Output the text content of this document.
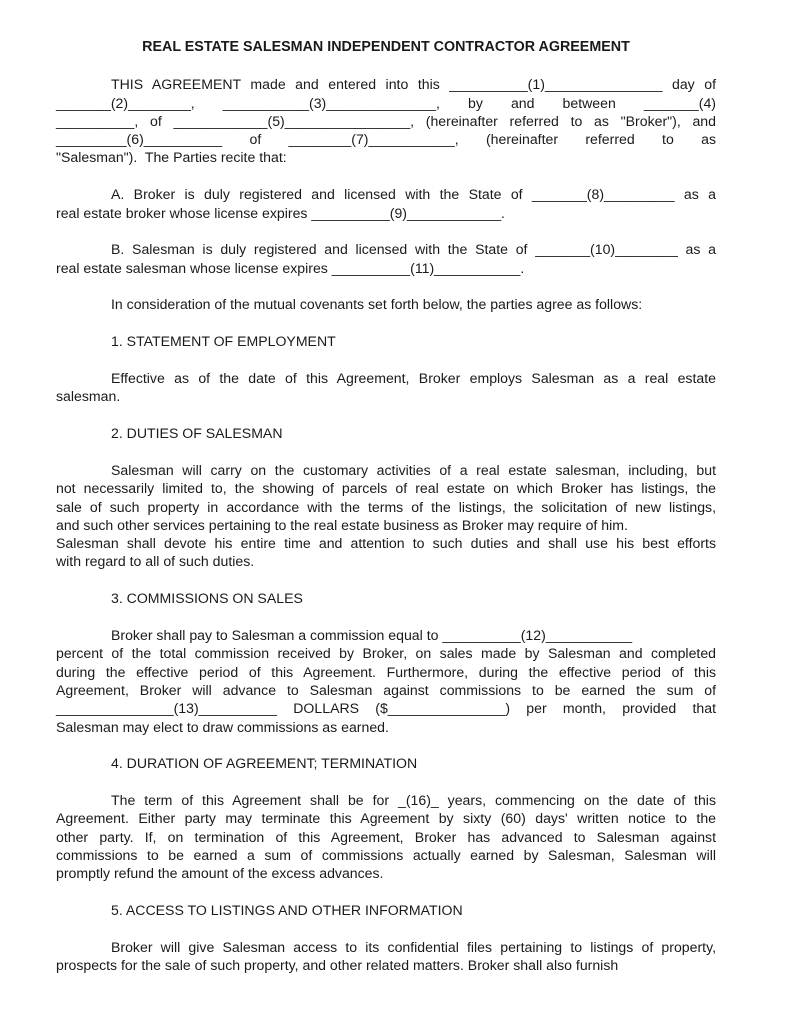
REAL ESTATE SALESMAN INDEPENDENT CONTRACTOR AGREEMENT

THIS AGREEMENT made and entered into this __________(1)_______________ day of
_______(2)________, ___________(3)______________, by and between _______(4)
__________, of ____________(5)________________, (hereinafter referred to as "Broker"), and
_________(6)__________ of ________(7)___________, (hereinafter referred to as
"Salesman").  The Parties recite that:

A. Broker is duly registered and licensed with the State of _______(8)_________ as a
real estate broker whose license expires __________(9)____________.

B. Salesman is duly registered and licensed with the State of _______(10)________ as a
real estate salesman whose license expires __________(11)___________.

In consideration of the mutual covenants set forth below, the parties agree as follows:

1. STATEMENT OF EMPLOYMENT

Effective as of the date of this Agreement, Broker employs Salesman as a real estate
salesman.

2. DUTIES OF SALESMAN

Salesman will carry on the customary activities of a real estate salesman, including, but
not necessarily limited to, the showing of parcels of real estate on which Broker has listings, the
sale of such property in accordance with the terms of the listings, the solicitation of new listings,
and such other services pertaining to the real estate business as Broker may require of him.
Salesman shall devote his entire time and attention to such duties and shall use his best efforts
with regard to all of such duties.

3. COMMISSIONS ON SALES

Broker shall pay to Salesman a commission equal to __________(12)___________
percent of the total commission received by Broker, on sales made by Salesman and completed
during the effective period of this Agreement. Furthermore, during the effective period of this
Agreement, Broker will advance to Salesman against commissions to be earned the sum of
_______________(13)__________ DOLLARS ($_______________) per month, provided that
Salesman may elect to draw commissions as earned.

4. DURATION OF AGREEMENT; TERMINATION

The term of this Agreement shall be for _(16)_ years, commencing on the date of this
Agreement. Either party may terminate this Agreement by sixty (60) days' written notice to the
other party. If, on termination of this Agreement, Broker has advanced to Salesman against
commissions to be earned a sum of commissions actually earned by Salesman, Salesman will
promptly refund the amount of the excess advances.

5. ACCESS TO LISTINGS AND OTHER INFORMATION

Broker will give Salesman access to its confidential files pertaining to listings of property,
prospects for the sale of such property, and other related matters. Broker shall also furnish
